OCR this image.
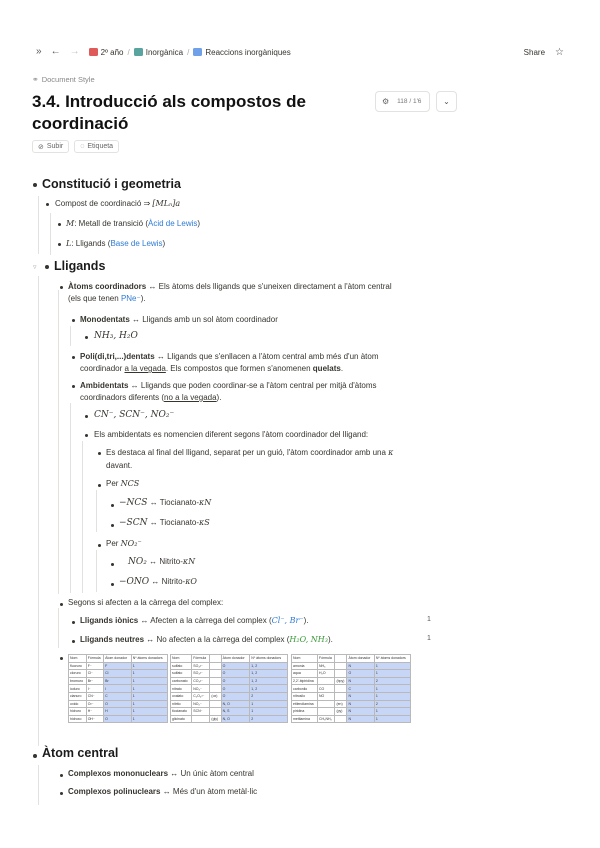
» ← →	2º año / Inorgànica / Reaccions inorgàniques	Share ☆
⚭ Document Style
3.4. Introducció als compostos de coordinació
⚙ 118 / 1'6	⌄
⊘ Subir ◌ Etiqueta
Constitució i geometria
Compost de coordinació ⇒ [MLₙ]a
M: Metall de transició (Àcid de Lewis)
L: Lligands (Base de Lewis)
▿ Lligands
Àtoms coordinadors ↔ Els àtoms dels lligands que s'uneixen directament a l'àtom central
(els que tenen PNe⁻).
Monodentats ↔ Lligands amb un sol àtom coordinador
NH₃, H₂O
Poli(di,tri,...)dentats ↔ Lligands que s'enllacen a l'àtom central amb més d'un àtom
coordinador a la vegada. Els compostos que formen s'anomenen quelats.
Ambidentats ↔ Lligands que poden coordinar-se a l'àtom central per mitjà d'àtoms
coordinadors diferents (no a la vegada).
CN⁻, SCN⁻, NO₂⁻
Els ambidentats es nomencien diferent segons l'àtom coordinador del lligand:
Es destaca al final del lligand, separat per un guió, l'àtom coordinador amb una κ
davant.
Per NCS
−NCS ↔ Tiocianato-κN
−SCN ↔ Tiocianato-κS
Per NO₂⁻
NO₂ ↔ Nitrito-κN
−ONO ↔ Nitrito-κO
Segons si afecten a la càrrega del complex:
Lligands iònics ↔ Afecten a la càrrega del complex (Cl⁻, Br⁻).	1
Lligands neutres ↔ No afecten a la càrrega del complex (H₂O, NH₃).	1
Nom	Fórmula	Àtom donador	Nº àtoms donadors
fluoruro	F⁻	F	1
cloruro	Cl⁻	Cl	1
bromuro	Br⁻	Br	1
ioduro	I⁻	I	1
cianuro	CN⁻	C	1
oxido	O²⁻	O	1
hidruro	H⁻	H	1
hidroxo	OH⁻	O	1
Nom	Fórmula		Àtom donador	Nº àtoms donadors
sulfato	SO₄²⁻		O	1, 2
sulfato	SO₄²⁻		O	1, 2
carbonato	CO₃²⁻		O	1, 2
nitrato	NO₃⁻		O	1, 2
oxalato	C₂O₄²⁻	(ox)	O	2
nitrito	NO₂⁻		N, O	1
tiocianato	SCN⁻		N, S	1
glicinato		(gly)	N, O	2
Nom	Fórmula		Àtom donador	Nº àtoms donadors
amonia	NH₃		N	1
aqua	H₂O		O	1
2,2'-bipiridina		(bpy)	N	2
carbonilo	CO		C	1
nitrosilo	NO		N	1
etilendiamina		(en)	N	2
piridina		(py)	N	1
metilamina	CH₃NH₂		N	1
Àtom central
Complexos mononuclears ↔ Un únic àtom central
Complexos polinuclears ↔ Més d'un àtom metàl·lic
